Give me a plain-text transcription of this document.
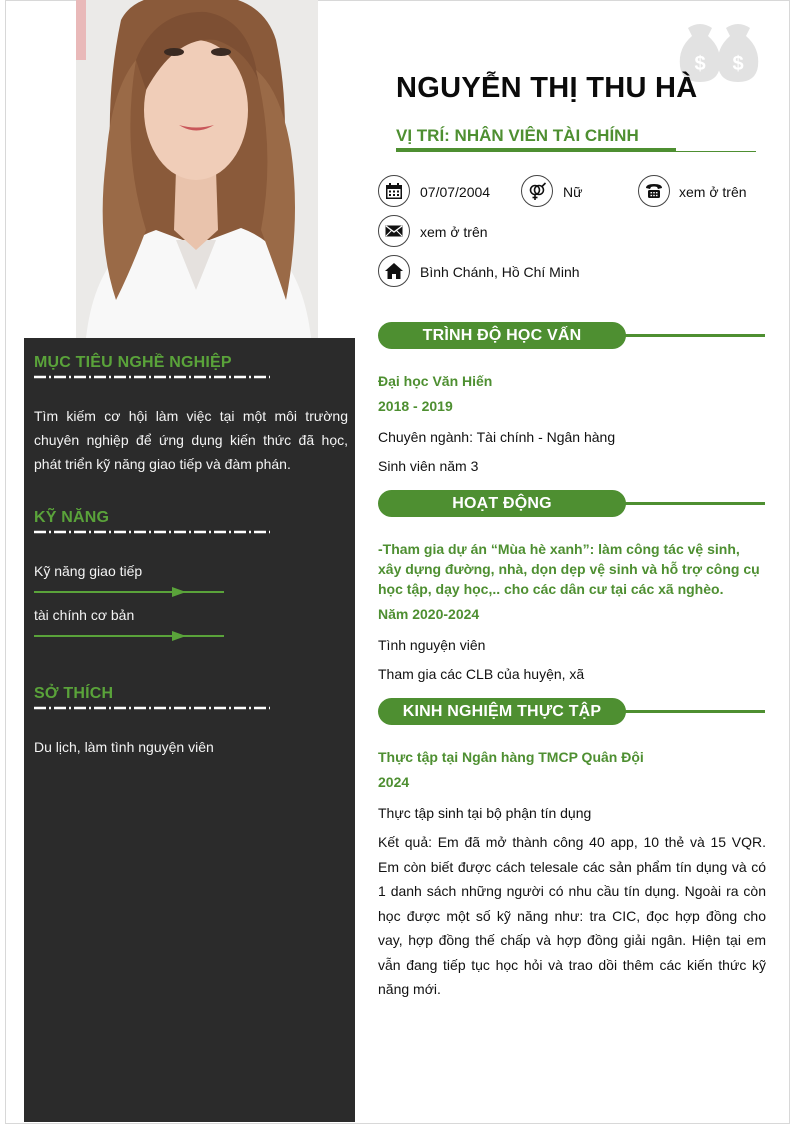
MỤC TIÊU NGHỀ NGHIỆP
Tìm kiếm cơ hội làm việc tại một môi trường chuyên nghiệp để ứng dụng kiến thức đã học, phát triển kỹ năng giao tiếp và đàm phán.
KỸ NĂNG
Kỹ năng giao tiếp
tài chính cơ bản
SỞ THÍCH
Du lịch, làm tình nguyện viên
$ $
NGUYỄN THỊ THU HÀ
VỊ TRÍ: NHÂN VIÊN TÀI CHÍNH
07/07/2004	Nữ	xem ở trên
xem ở trên
Bình Chánh, Hồ Chí Minh
TRÌNH ĐỘ HỌC VẤN
Đại học Văn Hiến
2018 - 2019
Chuyên ngành: Tài chính - Ngân hàng
Sinh viên năm 3
HOẠT ĐỘNG
-Tham gia dự án “Mùa hè xanh”: làm công tác vệ sinh, xây dựng đường, nhà, dọn dẹp vệ sinh và hỗ trợ công cụ học tập, dạy học,.. cho các dân cư tại các xã nghèo.
Năm 2020-2024
Tình nguyện viên
Tham gia các CLB của huyện, xã
KINH NGHIỆM THỰC TẬP
Thực tập tại Ngân hàng TMCP Quân Đội
2024
Thực tập sinh tại bộ phận tín dụng
Kết quả: Em đã mở thành công 40 app, 10 thẻ và 15 VQR. Em còn biết được cách telesale các sản phẩm tín dụng và có 1 danh sách những người có nhu cầu tín dụng. Ngoài ra còn học được một số kỹ năng như: tra CIC, đọc hợp đồng cho vay, hợp đồng thế chấp và hợp đồng giải ngân. Hiện tại em vẫn đang tiếp tục học hỏi và trao dồi thêm các kiến thức kỹ năng mới.
